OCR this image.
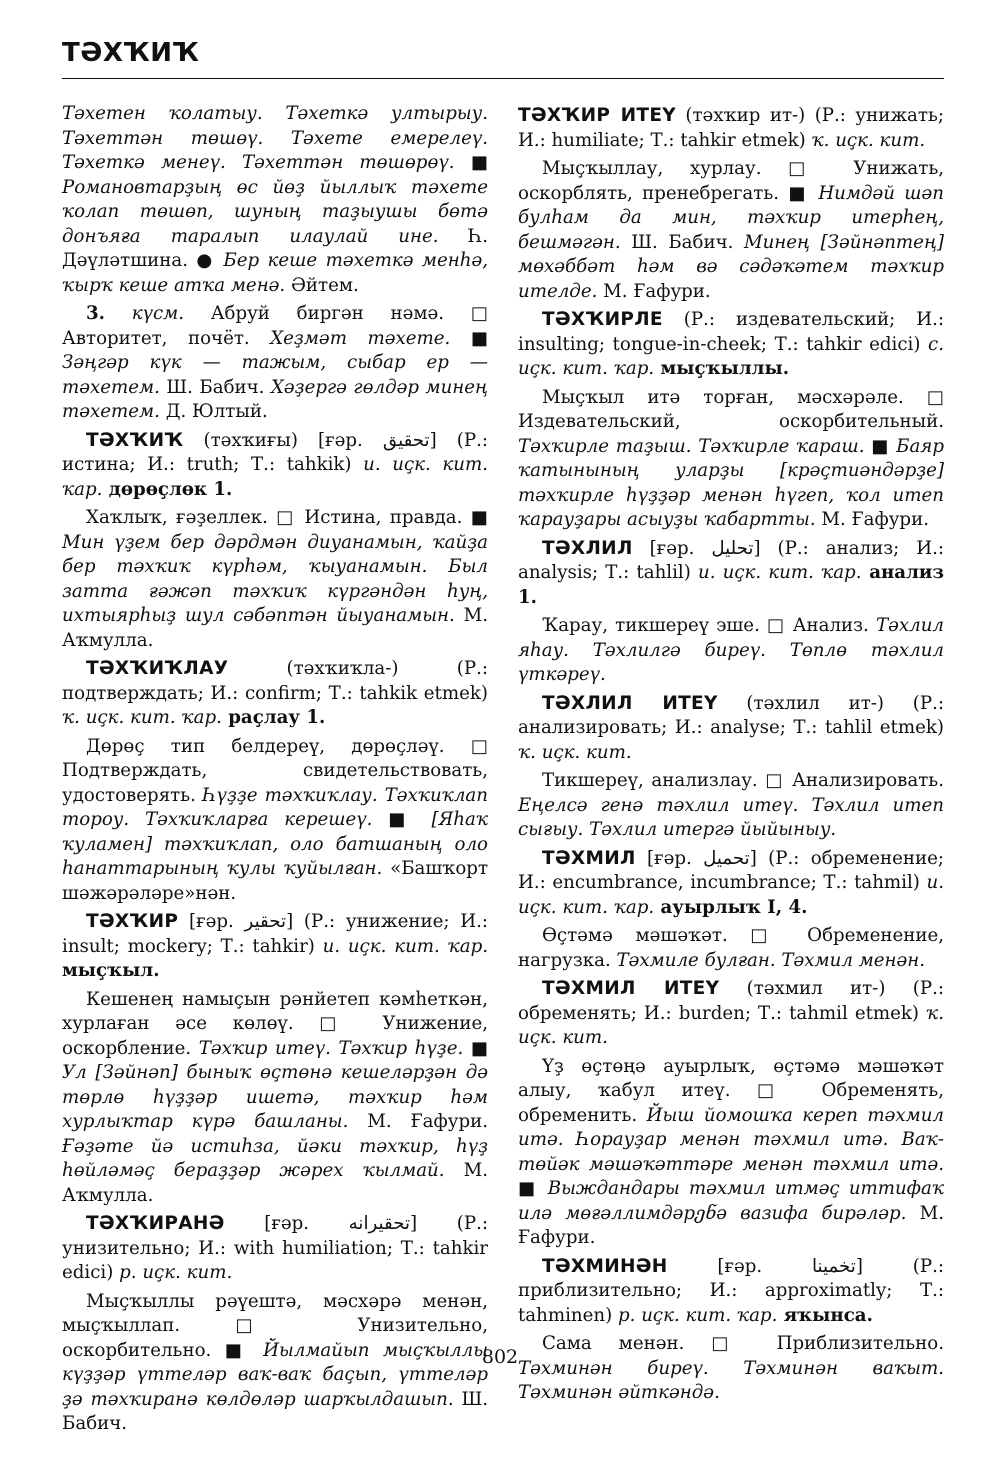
ТӘХҠИҠ

Тәхетен ҡолатыу. Тәхеткә ултырыу. Тәхеттән төшөү. Тәхете емерелеү. Тәхеткә менеү. Тәхеттән төшөрөү. ■ Романовтарҙың өс йөҙ йыллыҡ тәхете ҡолап төшөп, шуның таҙыушы бөтә донъяға таралып илаулай ине. Һ. Дәүләтшина. ● Бер кеше тәхеткә менһә, ҡырҡ кеше атҡа менә. Әйтем.

3. күсм. Абруй биргән нәмә. □ Авторитет, почёт. Хеҙмәт тәхете. ■ Зәңгәр күк — тажым, сыбар ер — тәхетем. Ш. Бабич. Хәҙергә гөлдәр минең тәхетем. Д. Юлтый.

ТӘХҠИҠ (тәхҡиғы) [ғәр. تحقيق] (Р.: истина; И.: truth; Т.: tahkik) и. иҫк. кит. ҡар. дөрөҫлөк 1.

Хаҡлыҡ, ғәҙеллек. □ Истина, правда. ■ Мин үҙем бер дәрдмән диуанамын, ҡайҙа бер тәхҡиҡ күрһәм, ҡыуанамын. Был затта ғәжәп тәхҡиҡ күргәндән һуң, ихтыярһыҙ шул сәбәптән йыуанамын. М. Аҡмулла.

ТӘХҠИҠЛАУ (тәхҡиҡла-) (Р.: подтверждать; И.: confirm; Т.: tahkik etmek) ҡ. иҫк. кит. ҡар. раҫлау 1.

Дөрөҫ тип белдереү, дөрөҫләү. □ Подтверждать, свидетельствовать, удостоверять. Һүҙҙе тәхҡиҡлау. Тәхҡиҡлап тороу. Тәхҡиҡларға керешеү. ■ [Яһаҡ ҡуламен] тәхҡиҡлап, оло батшаның оло һанаттарының ҡулы ҡуйылған. «Башҡорт шәжәрәләре»нән.

ТӘХҠИР [ғәр. تحقير] (Р.: унижение; И.: insult; mockery; Т.: tahkir) и. иҫк. кит. ҡар. мыҫҡыл.

Кешенең намыҫын рәнйетеп кәмһеткән, хурлаған әсе көлөү. □ Унижение, оскорбление. Тәхҡир итеү. Тәхҡир һүҙе. ■ Ул [Зәйнәп] быныҡ өҫтөнә кешеләрҙән дә төрлө һүҙҙәр ишетә, тәхҡир һәм хурлыҡтар күрә башланы. М. Ғафури. Ғәҙәте йә истиһза, йәки тәхҡир, һүҙ һөйләмәҫ бераҙҙәр жәрех ҡылмай. М. Аҡмулла.

ТӘХҠИРАНӘ [ғәр. تحقيرانه] (Р.: унизительно; И.: with humiliation; Т.: tahkir edici) р. иҫк. кит.

Мыҫҡыллы рәүештә, мәсхәрә менән, мыҫҡыллап. □ Унизительно, оскорбительно. ■ Йылмайып мыҫҡыллы күҙҙәр үттеләр ваҡ-ваҡ баҫып, үттеләр ҙә тәхҡиранә көлдөләр шарҡылдашып. Ш. Бабич.

ТӘХҠИР ИТЕҮ (тәхҡир ит-) (Р.: унижать; И.: humiliate; Т.: tahkir etmek) ҡ. иҫк. кит.

Мыҫҡыллау, хурлау. □ Унижать, оскорблять, пренебрегать. ■ Нимдәй шәп булһам да мин, тәхҡир итерһең, бешмәгән. Ш. Бабич. Минең [Зәйнәптең] мөхәббәт һәм вә сәдәҡәтем тәхҡир ителде. М. Ғафури.

ТӘХҠИРЛЕ (Р.: издевательский; И.: insulting; tongue-in-cheek; Т.: tahkir edici) с. иҫк. кит. ҡар. мыҫҡыллы.

Мыҫҡыл итә торған, мәсхәрәле. □ Издевательский, оскорбительный. Тәхҡирле таҙыш. Тәхҡирле ҡараш. ■ Баяр ҡатынының уларҙы [крәҫтиәндәрҙе] тәхҡирле һүҙҙәр менән һүгеп, ҡол итеп ҡарауҙары асыуҙы ҡабартты. М. Ғафури.

ТӘХЛИЛ [ғәр. تحليل] (Р.: анализ; И.: analysis; Т.: tahlil) и. иҫк. кит. ҡар. анализ 1.

Ҡарау, тикшереү эше. □ Анализ. Тәхлил яһау. Тәхлилгә биреү. Төплө тәхлил үткәреү.

ТӘХЛИЛ ИТЕҮ (тәхлил ит-) (Р.: анализировать; И.: analyse; Т.: tahlil etmek) ҡ. иҫк. кит.

Тикшереү, анализлау. □ Анализировать. Еңелсә генә тәхлил итеү. Тәхлил итеп сығыу. Тәхлил итергә йыйыныу.

ТӘХМИЛ [ғәр. تحميل] (Р.: обременение; И.: encumbrance, incumbrance; Т.: tahmil) и. иҫк. кит. ҡар. ауырлыҡ I, 4.

Өҫтәмә мәшәҡәт. □ Обременение, нагрузка. Тәхмиле булған. Тәхмил менән.

ТӘХМИЛ ИТЕҮ (тәхмил ит-) (Р.: обременять; И.: burden; Т.: tahmil etmek) ҡ. иҫк. кит.

Үҙ өҫтөңә ауырлыҡ, өҫтәмә мәшәҡәт алыу, ҡабул итеү. □ Обременять, обременить. Йыш йомошҡа кереп тәхмил итә. Һорауҙар менән тәхмил итә. Ваҡ-төйәк мәшәҡәттәре менән тәхмил итә. ■ Выждандары тәхмил итмәҫ иттифаҡ илә мөғәллимдәрენә вазифа бирәләр. М. Ғафури.

ТӘХМИНӘН [ғәр. تخمينا] (Р.: приблизительно; И.: approximatly; Т.: tahminen) р. иҫк. кит. ҡар. яҡынса.

Сама менән. □ Приблизительно. Тәхминән биреү. Тәхминән ваҡыт. Тәхминән әйткәндә.

802
